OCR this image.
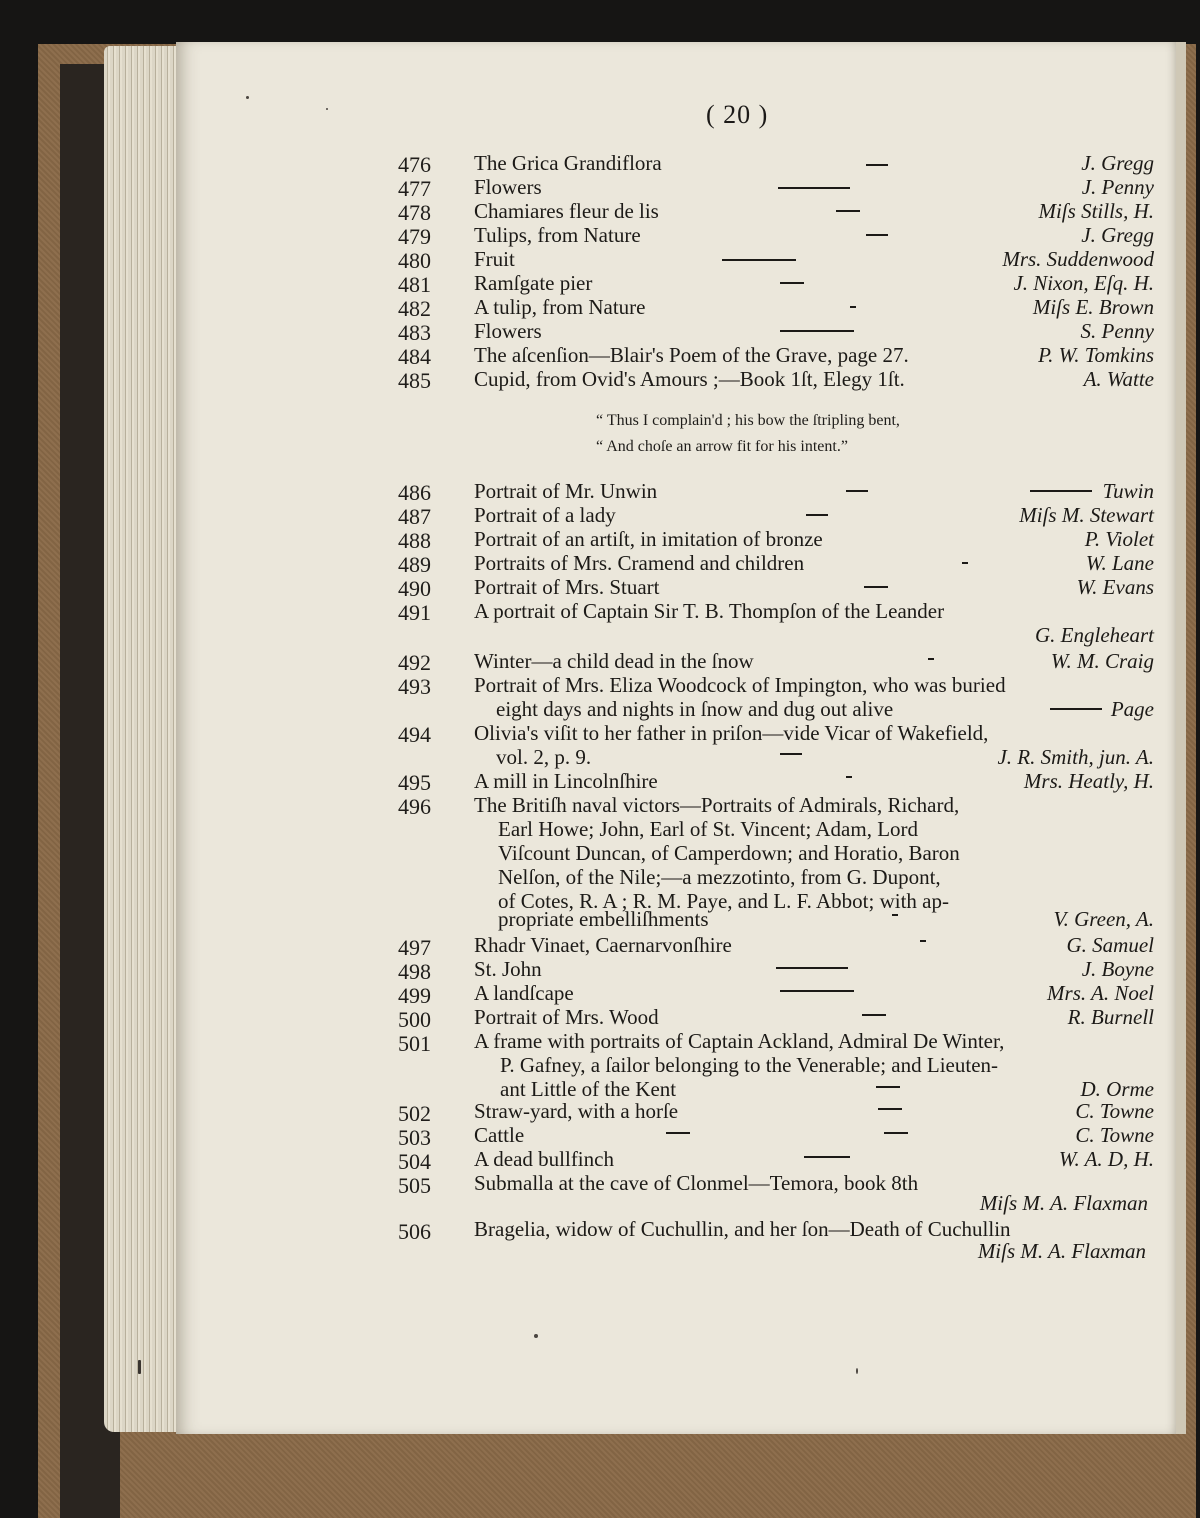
( 20 )
476 The Grica Grandiflora	J. Gregg
477 Flowers	J. Penny
478 Chamiares fleur de lis	Miſs Stills, H.
479 Tulips, from Nature	J. Gregg
480 Fruit	Mrs. Suddenwood
481 Ramſgate pier	J. Nixon, Eſq. H.
482 A tulip, from Nature	Miſs E. Brown
483 Flowers	S. Penny
484 The aſcenſion—Blair's Poem of the Grave, page 27.	P. W. Tomkins
485 Cupid, from Ovid's Amours ;—Book 1ſt, Elegy 1ſt.	A. Watte
“ Thus I complain'd ; his bow the ſtripling bent,
“ And choſe an arrow fit for his intent.”
486 Portrait of Mr. Unwin	Tuwin
487 Portrait of a lady	Miſs M. Stewart
488 Portrait of an artiſt, in imitation of bronze	P. Violet
489 Portraits of Mrs. Cramend and children	W. Lane
490 Portrait of Mrs. Stuart	W. Evans
491 A portrait of Captain Sir T. B. Thompſon of the Leander
G. Engleheart
492 Winter—a child dead in the ſnow	W. M. Craig
493 Portrait of Mrs. Eliza Woodcock of Impington, who was buried
eight days and nights in ſnow and dug out alive	Page
494 Olivia's viſit to her father in priſon—vide Vicar of Wakefield,
vol. 2, p. 9.	J. R. Smith, jun. A.
495 A mill in Lincolnſhire	Mrs. Heatly, H.
496 The Britiſh naval victors—Portraits of Admirals, Richard,
Earl Howe; John, Earl of St. Vincent; Adam, Lord
Viſcount Duncan, of Camperdown; and Horatio, Baron
Nelſon, of the Nile;—a mezzotinto, from G. Dupont,
of Cotes, R. A ; R. M. Paye, and L. F. Abbot; with ap-
propriate embelliſhments	V. Green, A.
497 Rhadr Vinaet, Caernarvonſhire	G. Samuel
498 St. John	J. Boyne
499 A landſcape	Mrs. A. Noel
500 Portrait of Mrs. Wood	R. Burnell
501 A frame with portraits of Captain Ackland, Admiral De Winter,
P. Gafney, a ſailor belonging to the Venerable; and Lieuten-
ant Little of the Kent	D. Orme
502 Straw-yard, with a horſe	C. Towne
503 Cattle	C. Towne
504 A dead bullfinch	W. A. D, H.
505 Submalla at the cave of Clonmel—Temora, book 8th
Miſs M. A. Flaxman
506 Bragelia, widow of Cuchullin, and her ſon—Death of Cuchullin
Miſs M. A. Flaxman
